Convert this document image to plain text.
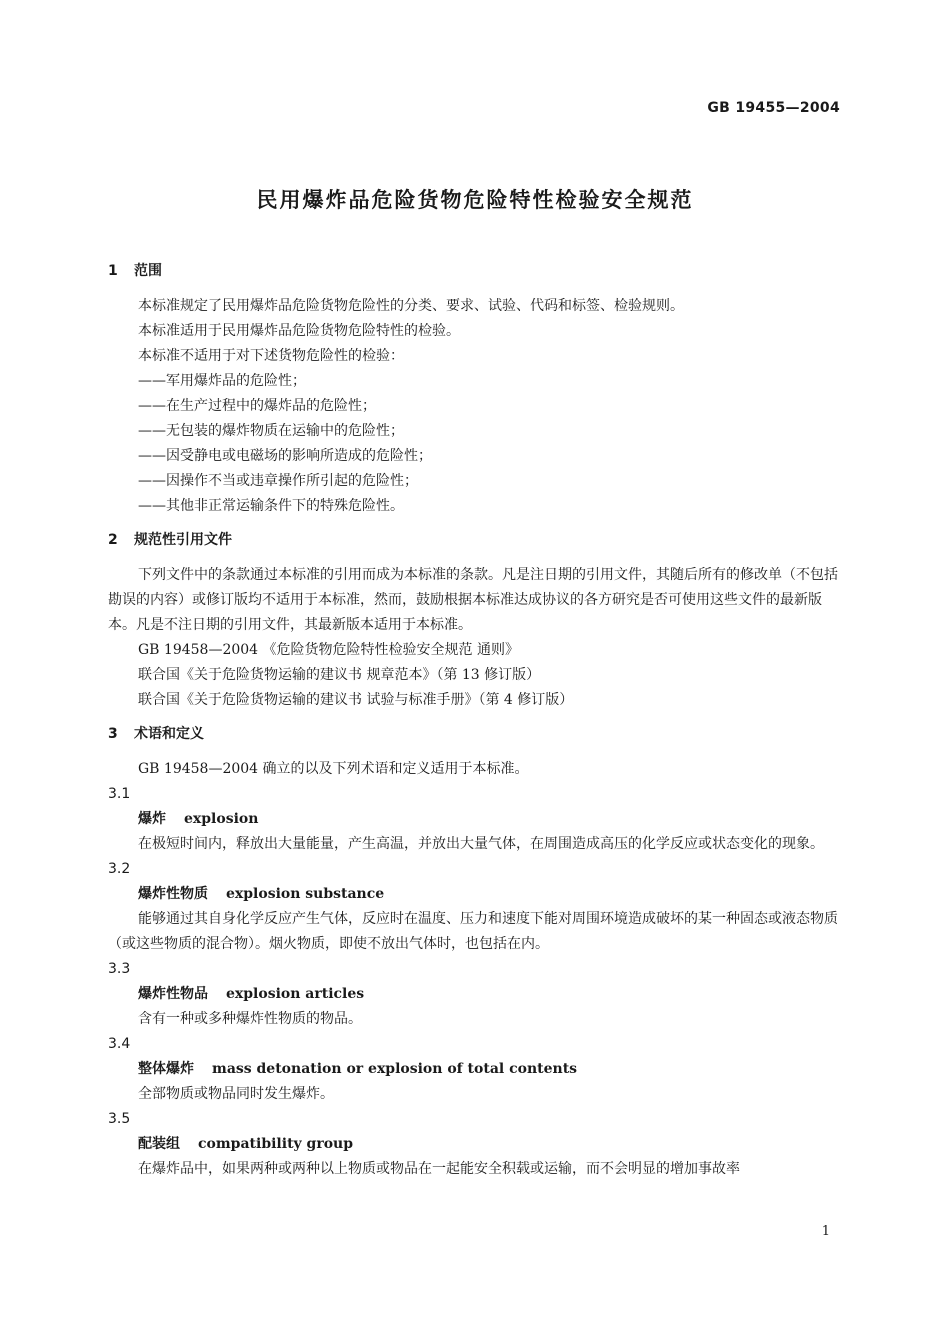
GB 19455—2004
民用爆炸品危险货物危险特性检验安全规范
1 范围
本标准规定了民用爆炸品危险货物危险性的分类、要求、试验、代码和标签、检验规则。
本标准适用于民用爆炸品危险货物危险特性的检验。
本标准不适用于对下述货物危险性的检验：
——军用爆炸品的危险性；
——在生产过程中的爆炸品的危险性；
——无包装的爆炸物质在运输中的危险性；
——因受静电或电磁场的影响所造成的危险性；
——因操作不当或违章操作所引起的危险性；
——其他非正常运输条件下的特殊危险性。
2 规范性引用文件
下列文件中的条款通过本标准的引用而成为本标准的条款。凡是注日期的引用文件，其随后所有的修改单（不包括勘误的内容）或修订版均不适用于本标准，然而，鼓励根据本标准达成协议的各方研究是否可使用这些文件的最新版本。凡是不注日期的引用文件，其最新版本适用于本标准。
GB 19458—2004 《危险货物危险特性检验安全规范 通则》
联合国《关于危险货物运输的建议书 规章范本》（第 13 修订版）
联合国《关于危险货物运输的建议书 试验与标准手册》（第 4 修订版）
3 术语和定义
GB 19458—2004 确立的以及下列术语和定义适用于本标准。
3.1
爆炸 explosion
在极短时间内，释放出大量能量，产生高温，并放出大量气体，在周围造成高压的化学反应或状态变化的现象。
3.2
爆炸性物质 explosion substance
能够通过其自身化学反应产生气体，反应时在温度、压力和速度下能对周围环境造成破坏的某一种固态或液态物质（或这些物质的混合物）。烟火物质，即使不放出气体时，也包括在内。
3.3
爆炸性物品 explosion articles
含有一种或多种爆炸性物质的物品。
3.4
整体爆炸 mass detonation or explosion of total contents
全部物质或物品同时发生爆炸。
3.5
配装组 compatibility group
在爆炸品中，如果两种或两种以上物质或物品在一起能安全积载或运输，而不会明显的增加事故率
1
